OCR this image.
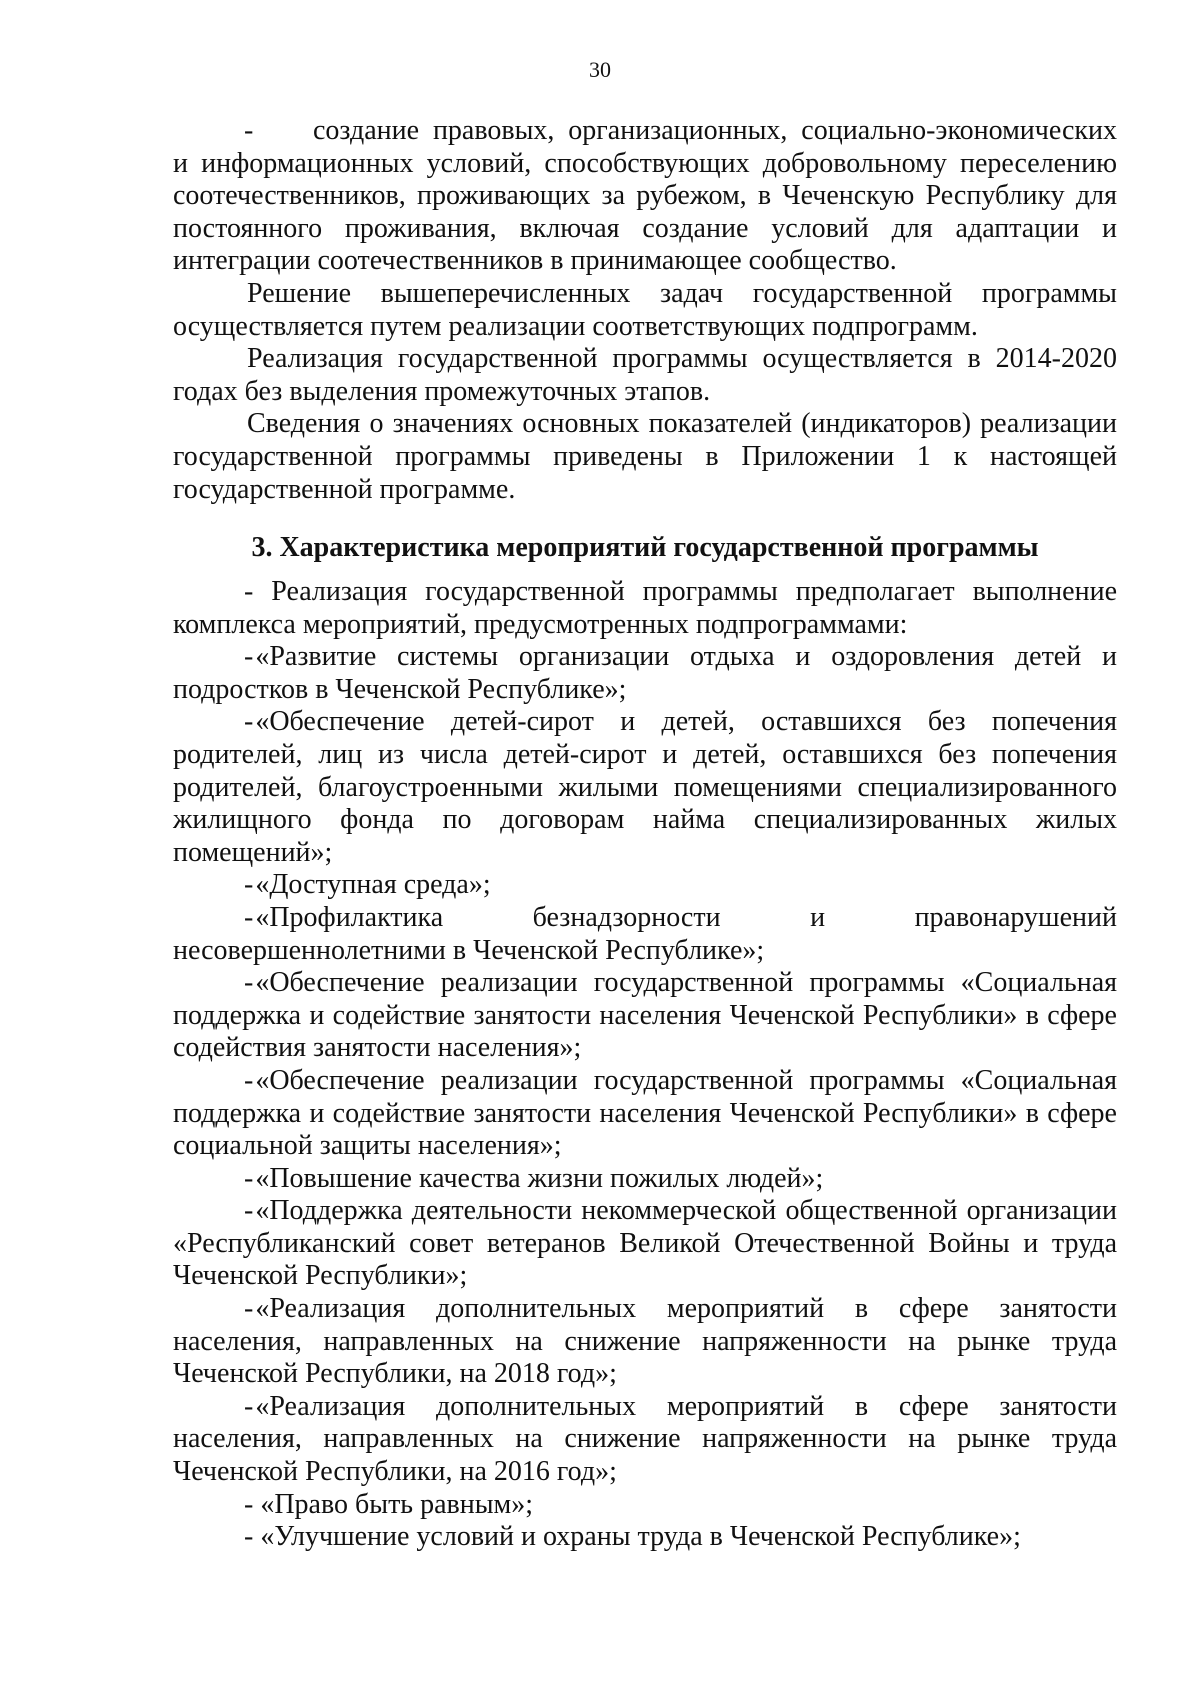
30

- создание правовых, организационных, социально-экономических и информационных условий, способствующих добровольному переселению соотечественников, проживающих за рубежом, в Чеченскую Республику для постоянного проживания, включая создание условий для адаптации и интеграции соотечественников в принимающее сообщество.

Решение вышеперечисленных задач государственной программы осуществляется путем реализации соответствующих подпрограмм.

Реализация государственной программы осуществляется в 2014-2020 годах без выделения промежуточных этапов.

Сведения о значениях основных показателей (индикаторов) реализации государственной программы приведены в Приложении 1 к настоящей государственной программе.

3. Характеристика мероприятий государственной программы

- Реализация государственной программы предполагает выполнение комплекса мероприятий, предусмотренных подпрограммами:

-«Развитие системы организации отдыха и оздоровления детей и подростков в Чеченской Республике»;

-«Обеспечение детей-сирот и детей, оставшихся без попечения родителей, лиц из числа детей-сирот и детей, оставшихся без попечения родителей, благоустроенными жилыми помещениями специализированного жилищного фонда по договорам найма специализированных жилых помещений»;

-«Доступная среда»;

-«Профилактика безнадзорности и правонарушений несовершеннолетними в Чеченской Республике»;

-«Обеспечение реализации государственной программы «Социальная поддержка и содействие занятости населения Чеченской Республики» в сфере содействия занятости населения»;

-«Обеспечение реализации государственной программы «Социальная поддержка и содействие занятости населения Чеченской Республики» в сфере социальной защиты населения»;

-«Повышение качества жизни пожилых людей»;

-«Поддержка деятельности некоммерческой общественной организации «Республиканский совет ветеранов Великой Отечественной Войны и труда Чеченской Республики»;

-«Реализация дополнительных мероприятий в сфере занятости населения, направленных на снижение напряженности на рынке труда Чеченской Республики, на 2018 год»;

-«Реализация дополнительных мероприятий в сфере занятости населения, направленных на снижение напряженности на рынке труда Чеченской Республики, на 2016 год»;

- «Право быть равным»;

- «Улучшение условий и охраны труда в Чеченской Республике»;
